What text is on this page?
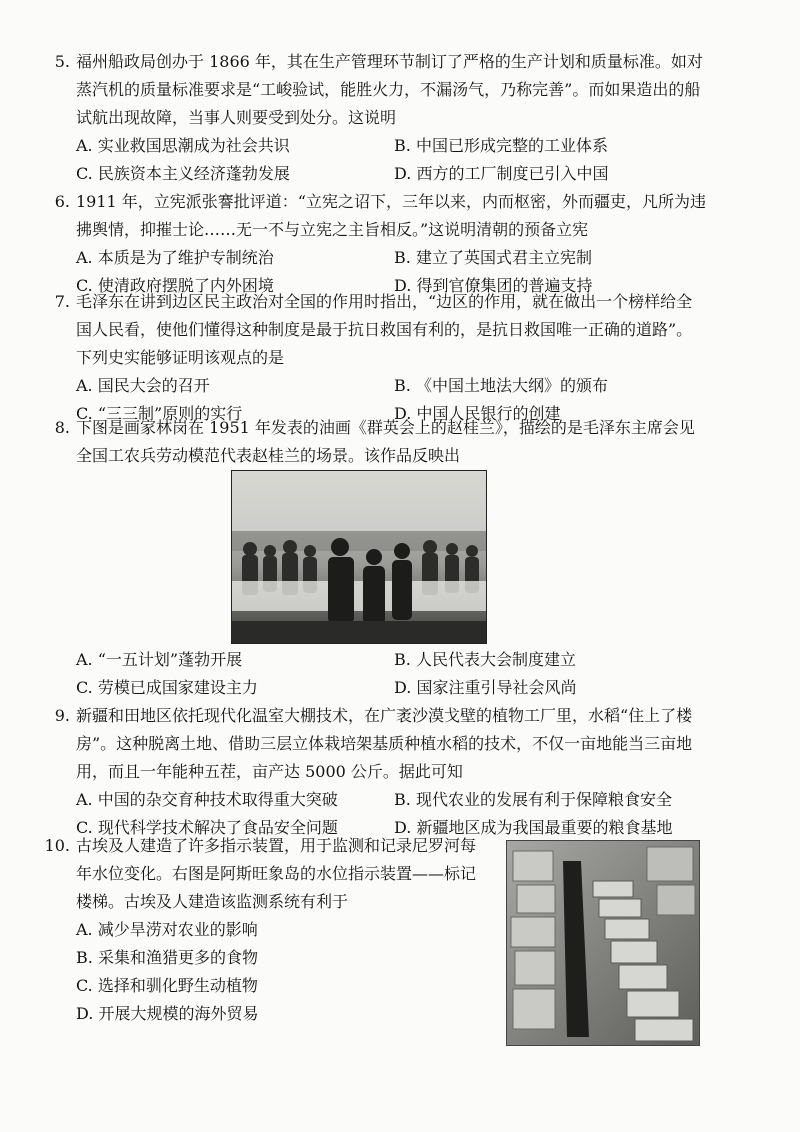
5. 福州船政局创办于 1866 年，其在生产管理环节制订了严格的生产计划和质量标准。如对蒸汽机的质量标准要求是“工峻验试，能胜火力，不漏汤气，乃称完善”。而如果造出的船试航出现故障，当事人则要受到处分。这说明
A. 实业救国思潮成为社会共识	B. 中国已形成完整的工业体系
C. 民族资本主义经济蓬勃发展	D. 西方的工厂制度已引入中国
6. 1911 年，立宪派张謇批评道：“立宪之诏下，三年以来，内而枢密，外而疆吏，凡所为违拂舆情，抑摧士论……无一不与立宪之主旨相反。”这说明清朝的预备立宪
A. 本质是为了维护专制统治	B. 建立了英国式君主立宪制
C. 使清政府摆脱了内外困境	D. 得到官僚集团的普遍支持
7. 毛泽东在讲到边区民主政治对全国的作用时指出，“边区的作用，就在做出一个榜样给全国人民看，使他们懂得这种制度是最于抗日救国有利的，是抗日救国唯一正确的道路”。下列史实能够证明该观点的是
A. 国民大会的召开	B. 《中国土地法大纲》的颁布
C. “三三制”原则的实行	D. 中国人民银行的创建
8. 下图是画家林岗在 1951 年发表的油画《群英会上的赵桂兰》，描绘的是毛泽东主席会见全国工农兵劳动模范代表赵桂兰的场景。该作品反映出
A. “一五计划”蓬勃开展	B. 人民代表大会制度建立
C. 劳模已成国家建设主力	D. 国家注重引导社会风尚
9. 新疆和田地区依托现代化温室大棚技术，在广袤沙漠戈壁的植物工厂里，水稻“住上了楼房”。这种脱离土地、借助三层立体栽培架基质种植水稻的技术，不仅一亩地能当三亩地用，而且一年能种五茬，亩产达 5000 公斤。据此可知
A. 中国的杂交育种技术取得重大突破	B. 现代农业的发展有利于保障粮食安全
C. 现代科学技术解决了食品安全问题	D. 新疆地区成为我国最重要的粮食基地
10. 古埃及人建造了许多指示装置，用于监测和记录尼罗河每年水位变化。右图是阿斯旺象岛的水位指示装置——标记楼梯。古埃及人建造该监测系统有利于
A. 减少旱涝对农业的影响
B. 采集和渔猎更多的食物
C. 选择和驯化野生动植物
D. 开展大规模的海外贸易
